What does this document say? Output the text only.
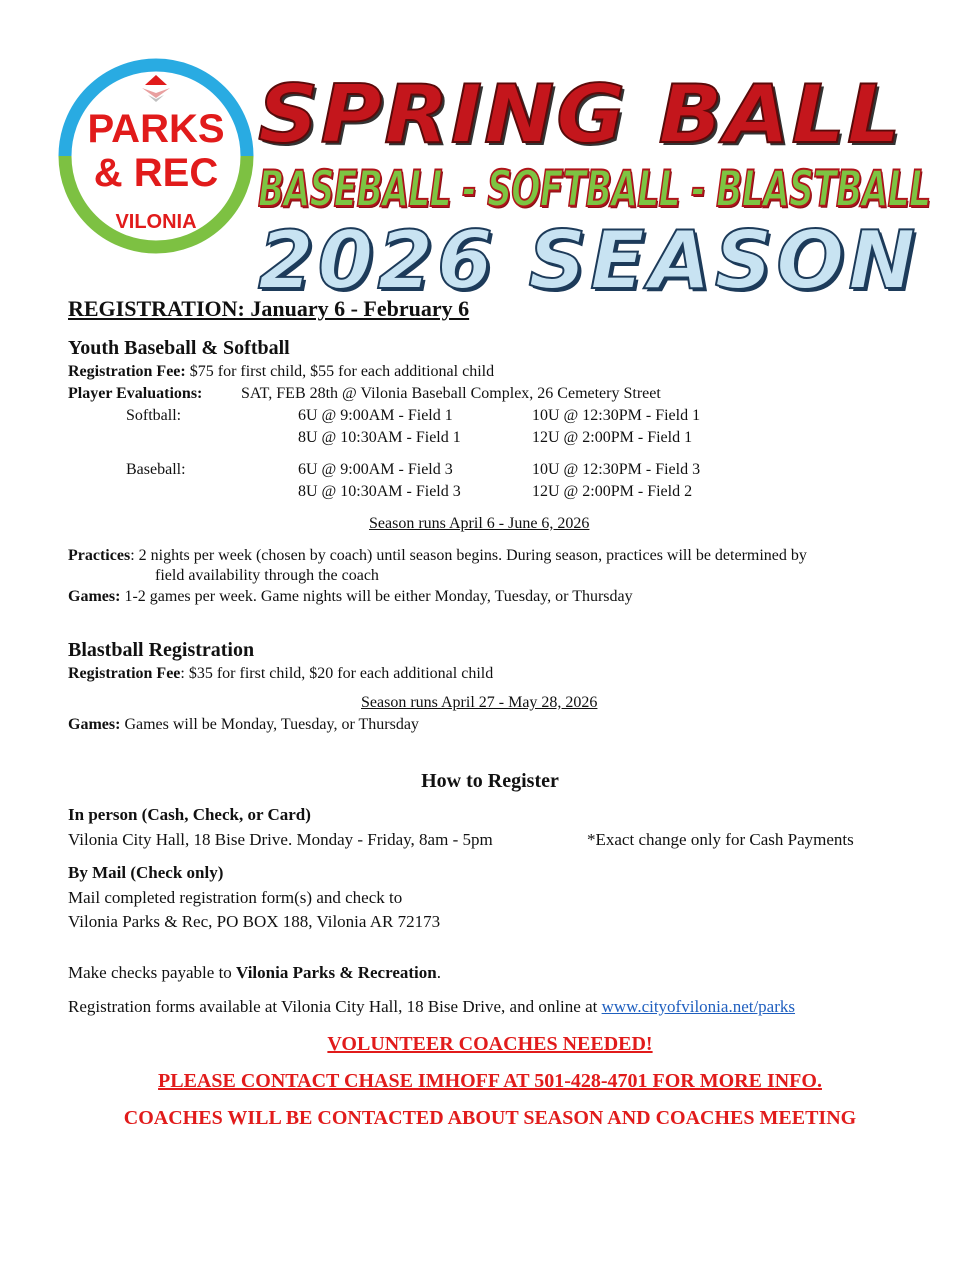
PARKS
& REC
VILONIA
SPRING BALL
BASEBALL - SOFTBALL - BLASTBALL
2026 SEASON
REGISTRATION: January 6 - February 6
Youth Baseball & Softball
Registration Fee: $75 for first child, $55 for each additional child
Player Evaluations: SAT, FEB 28th @ Vilonia Baseball Complex, 26 Cemetery Street
Softball:	6U @ 9:00AM - Field 1	10U @ 12:30PM - Field 1
8U @ 10:30AM - Field 1	12U @ 2:00PM - Field 1
Baseball:	6U @ 9:00AM - Field 3	10U @ 12:30PM - Field 3
8U @ 10:30AM - Field 3	12U @ 2:00PM - Field 2
Season runs April 6 - June 6, 2026
Practices: 2 nights per week (chosen by coach) until season begins. During season, practices will be determined by
field availability through the coach
Games: 1-2 games per week. Game nights will be either Monday, Tuesday, or Thursday
Blastball Registration
Registration Fee: $35 for first child, $20 for each additional child
Season runs April 27 - May 28, 2026
Games: Games will be Monday, Tuesday, or Thursday
How to Register
In person (Cash, Check, or Card)
Vilonia City Hall, 18 Bise Drive. Monday - Friday, 8am - 5pm	*Exact change only for Cash Payments
By Mail (Check only)
Mail completed registration form(s) and check to
Vilonia Parks & Rec, PO BOX 188, Vilonia AR 72173
Make checks payable to Vilonia Parks & Recreation.
Registration forms available at Vilonia City Hall, 18 Bise Drive, and online at www.cityofvilonia.net/parks
VOLUNTEER COACHES NEEDED!
PLEASE CONTACT CHASE IMHOFF AT 501-428-4701 FOR MORE INFO.
COACHES WILL BE CONTACTED ABOUT SEASON AND COACHES MEETING
